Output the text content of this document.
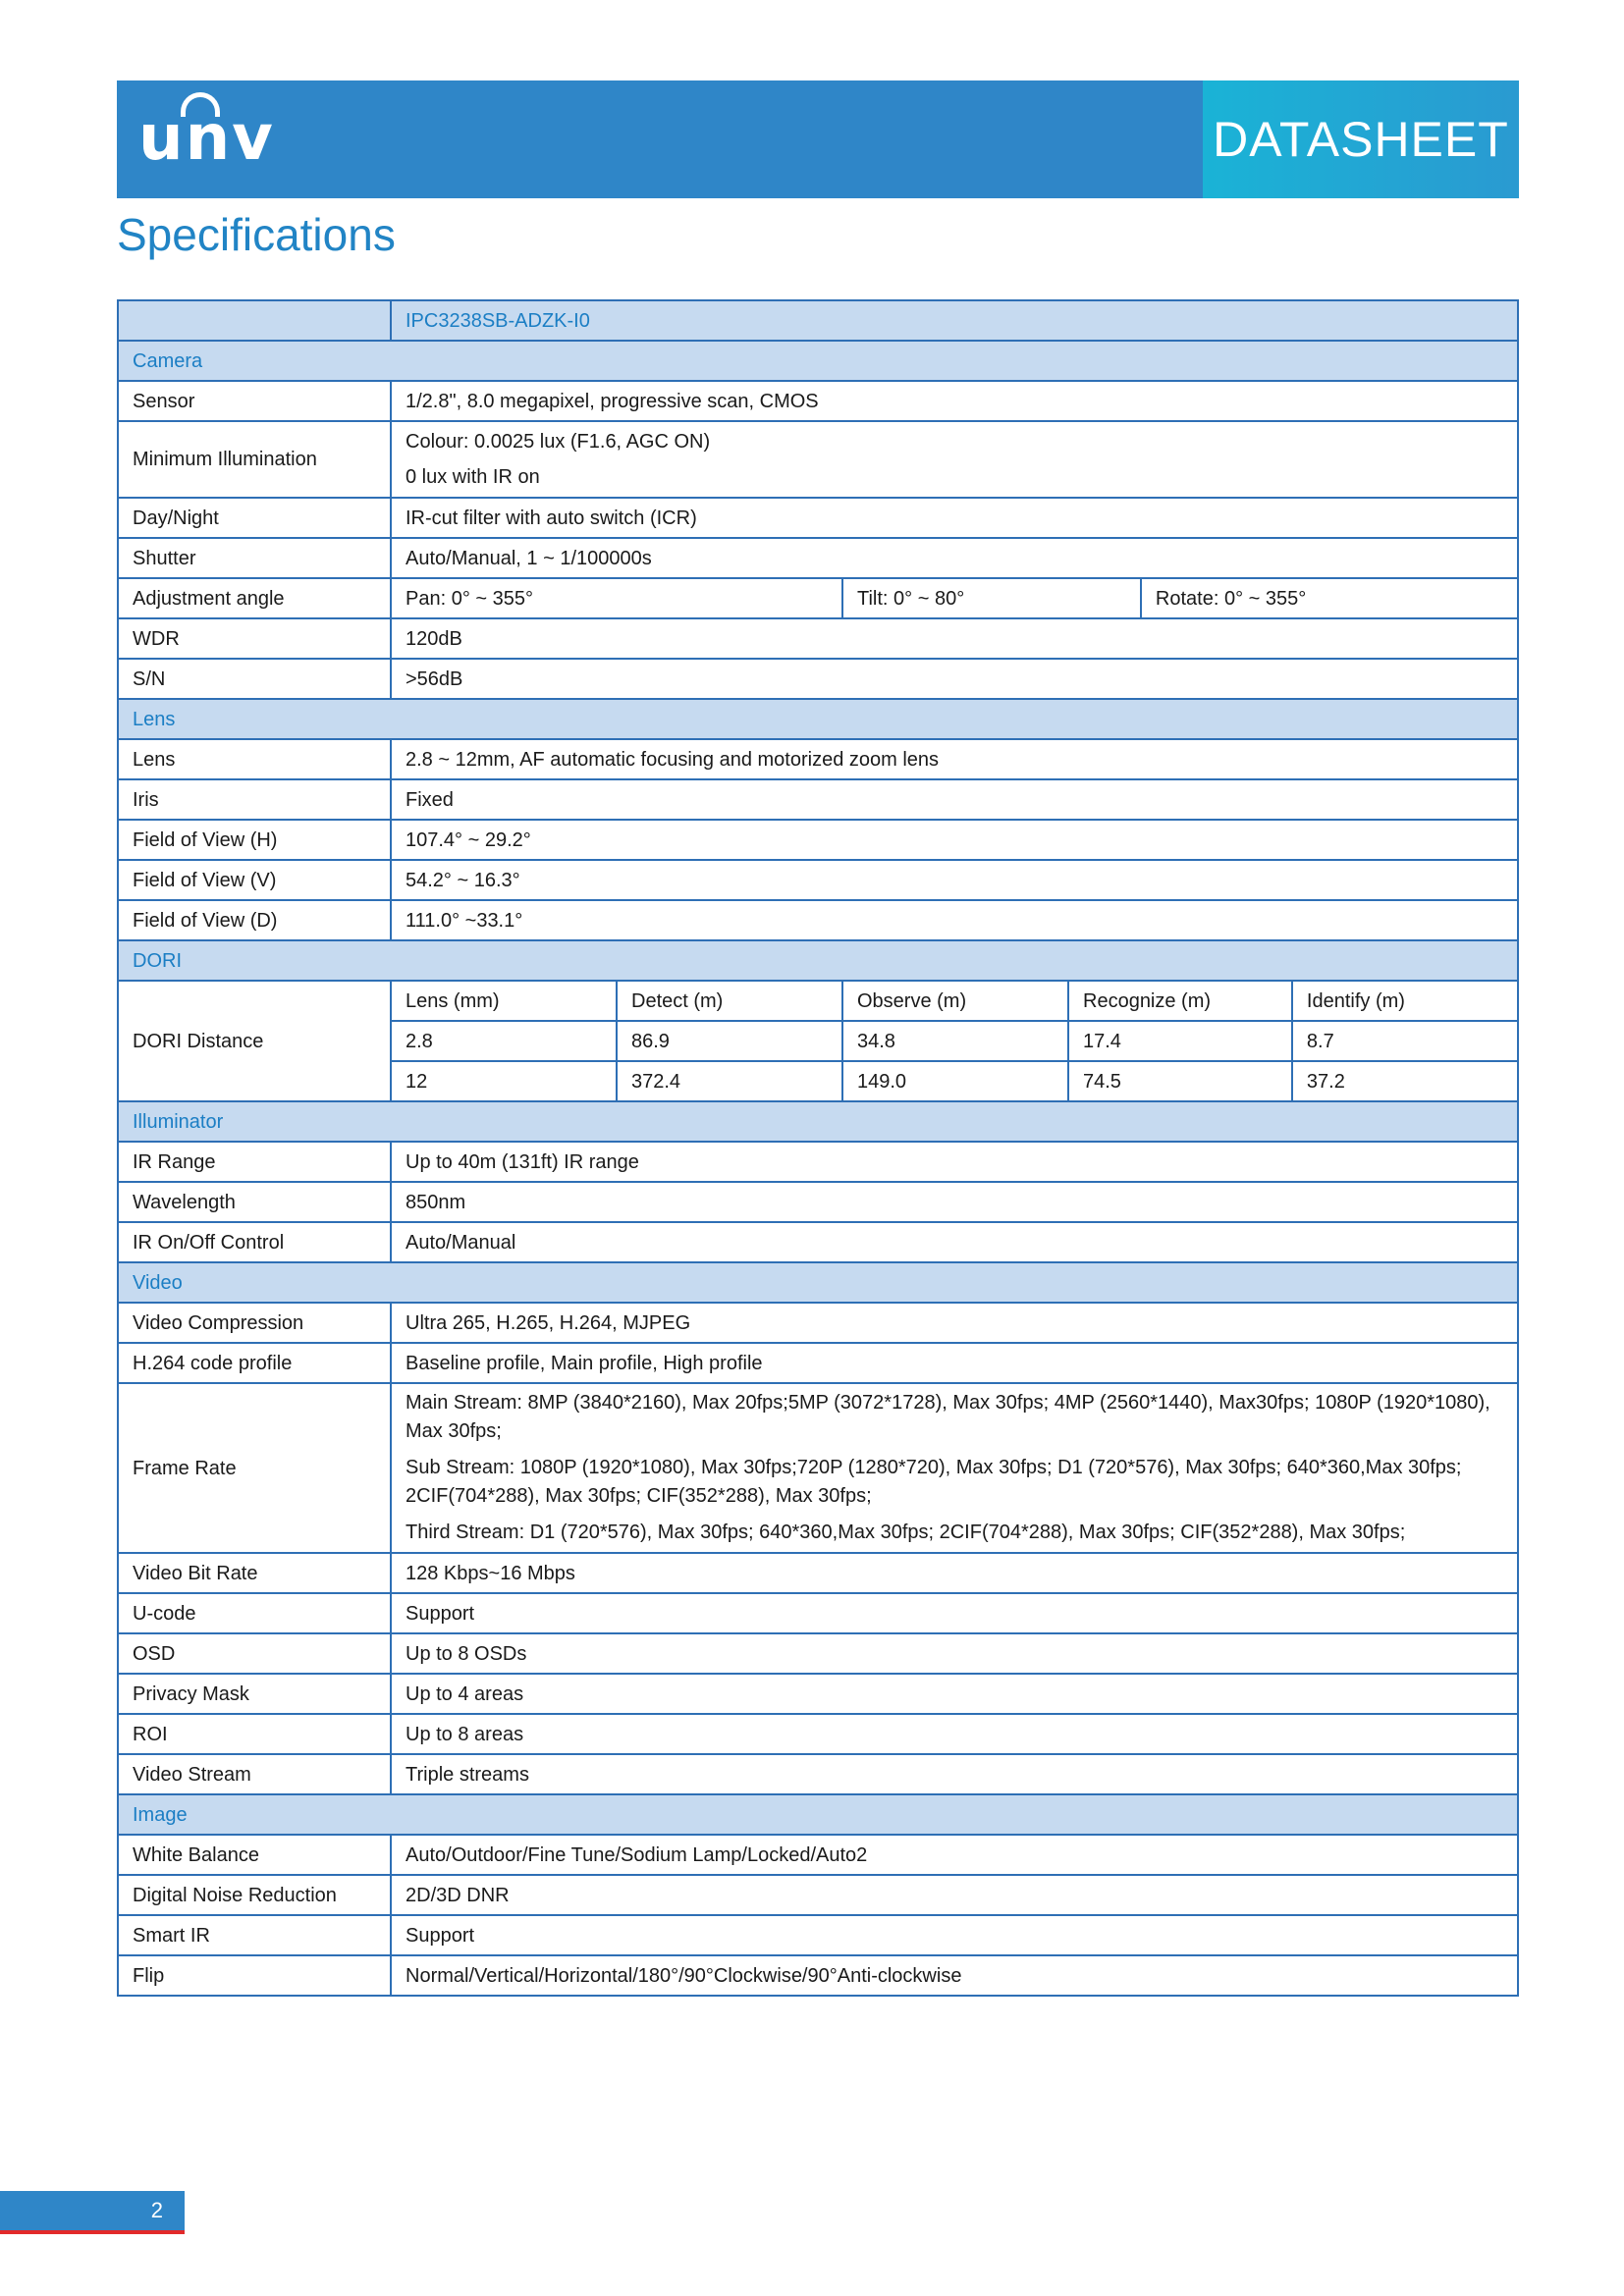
unv	DATASHEET
Specifications
	IPC3238SB-ADZK-I0					
Camera						
Sensor	1/2.8", 8.0 megapixel, progressive scan, CMOS					
Minimum Illumination	Colour: 0.0025 lux (F1.6, AGC ON)
0 lux with IR on					

Day/Night	IR-cut filter with auto switch (ICR)					
Shutter	Auto/Manual, 1 ~ 1/100000s					
Adjustment angle	Pan: 0° ~ 355°		Tilt: 0° ~ 80°		Rotate: 0° ~ 355°	
WDR	120dB					
S/N	>56dB					
Lens						
Lens	2.8 ~ 12mm, AF automatic focusing and motorized zoom lens					
Iris	Fixed					
Field of View (H)	107.4° ~ 29.2°					
Field of View (V)	54.2° ~ 16.3°					
Field of View (D)	111.0° ~33.1°					
DORI						
DORI Distance	Lens (mm)	Detect (m)	Observe (m)	Recognize (m)		Identify (m)
	2.8	86.9	34.8	17.4		8.7
	12	372.4	149.0	74.5		37.2
Illuminator						
IR Range	Up to 40m (131ft) IR range					
Wavelength	850nm					
IR On/Off Control	Auto/Manual					
Video						
Video Compression	Ultra 265, H.265, H.264, MJPEG					
H.264 code profile	Baseline profile, Main profile, High profile					
Frame Rate	Main Stream: 8MP (3840*2160), Max 20fps;5MP (3072*1728), Max 30fps; 4MP (2560*1440), Max30fps; 1080P (1920*1080), Max 30fps;
Sub Stream: 1080P (1920*1080), Max 30fps;720P (1280*720), Max 30fps; D1 (720*576), Max 30fps; 640*360,Max 30fps; 2CIF(704*288), Max 30fps; CIF(352*288), Max 30fps;
Third Stream: D1 (720*576), Max 30fps; 640*360,Max 30fps; 2CIF(704*288), Max 30fps; CIF(352*288), Max 30fps;					

Video Bit Rate	128 Kbps~16 Mbps					
U-code	Support					
OSD	Up to 8 OSDs					
Privacy Mask	Up to 4 areas					
ROI	Up to 8 areas					
Video Stream	Triple streams					
Image						
White Balance	Auto/Outdoor/Fine Tune/Sodium Lamp/Locked/Auto2					
Digital Noise Reduction	2D/3D DNR					
Smart IR	Support					
Flip	Normal/Vertical/Horizontal/180°/90°Clockwise/90°Anti-clockwise					
2
